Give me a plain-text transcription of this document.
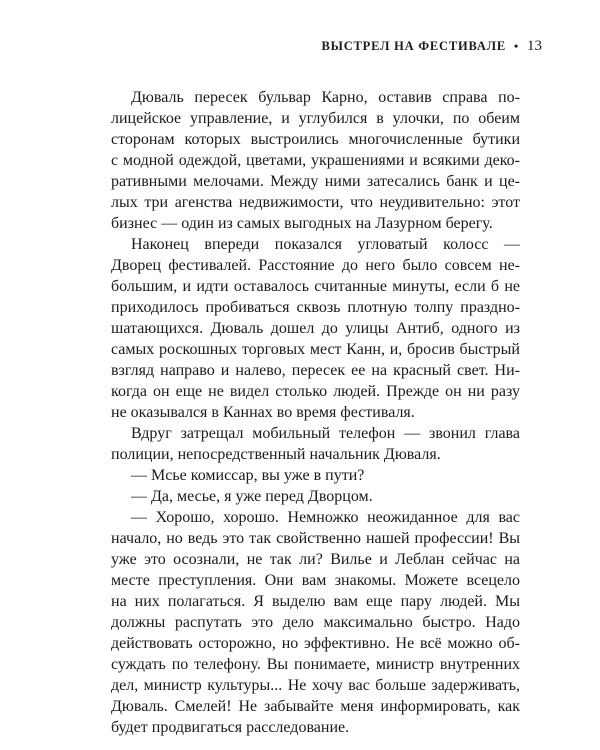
ВЫСТРЕЛ НА ФЕСТИВАЛЕ • 13
Дюваль пересек бульвар Карно, оставив справа по-
лицейское управление, и углубился в улочки, по обеим
сторонам которых выстроились многочисленные бутики
с модной одеждой, цветами, украшениями и всякими деко-
ративными мелочами. Между ними затесались банк и це-
лых три агенства недвижимости, что неудивительно: этот
бизнес — один из самых выгодных на Лазурном берегу.
Наконец впереди показался угловатый колосс —
Дворец фестивалей. Расстояние до него было совсем не-
большим, и идти оставалось считанные минуты, если б не
приходилось пробиваться сквозь плотную толпу праздно-
шатающихся. Дюваль дошел до улицы Антиб, одного из
самых роскошных торговых мест Канн, и, бросив быстрый
взгляд направо и налево, пересек ее на красный свет. Ни-
когда он еще не видел столько людей. Прежде он ни разу
не оказывался в Каннах во время фестиваля.
Вдруг затрещал мобильный телефон — звонил глава
полиции, непосредственный начальник Дюваля.
— Мсье комиссар, вы уже в пути?
— Да, месье, я уже перед Дворцом.
— Хорошо, хорошо. Немножко неожиданное для вас
начало, но ведь это так свойственно нашей профессии! Вы
уже это осознали, не так ли? Вилье и Леблан сейчас на
месте преступления. Они вам знакомы. Можете всецело
на них полагаться. Я выделю вам еще пару людей. Мы
должны распутать это дело максимально быстро. Надо
действовать осторожно, но эффективно. Не всё можно об-
суждать по телефону. Вы понимаете, министр внутренних
дел, министр культуры... Не хочу вас больше задерживать,
Дюваль. Смелей! Не забывайте меня информировать, как
будет продвигаться расследование.
